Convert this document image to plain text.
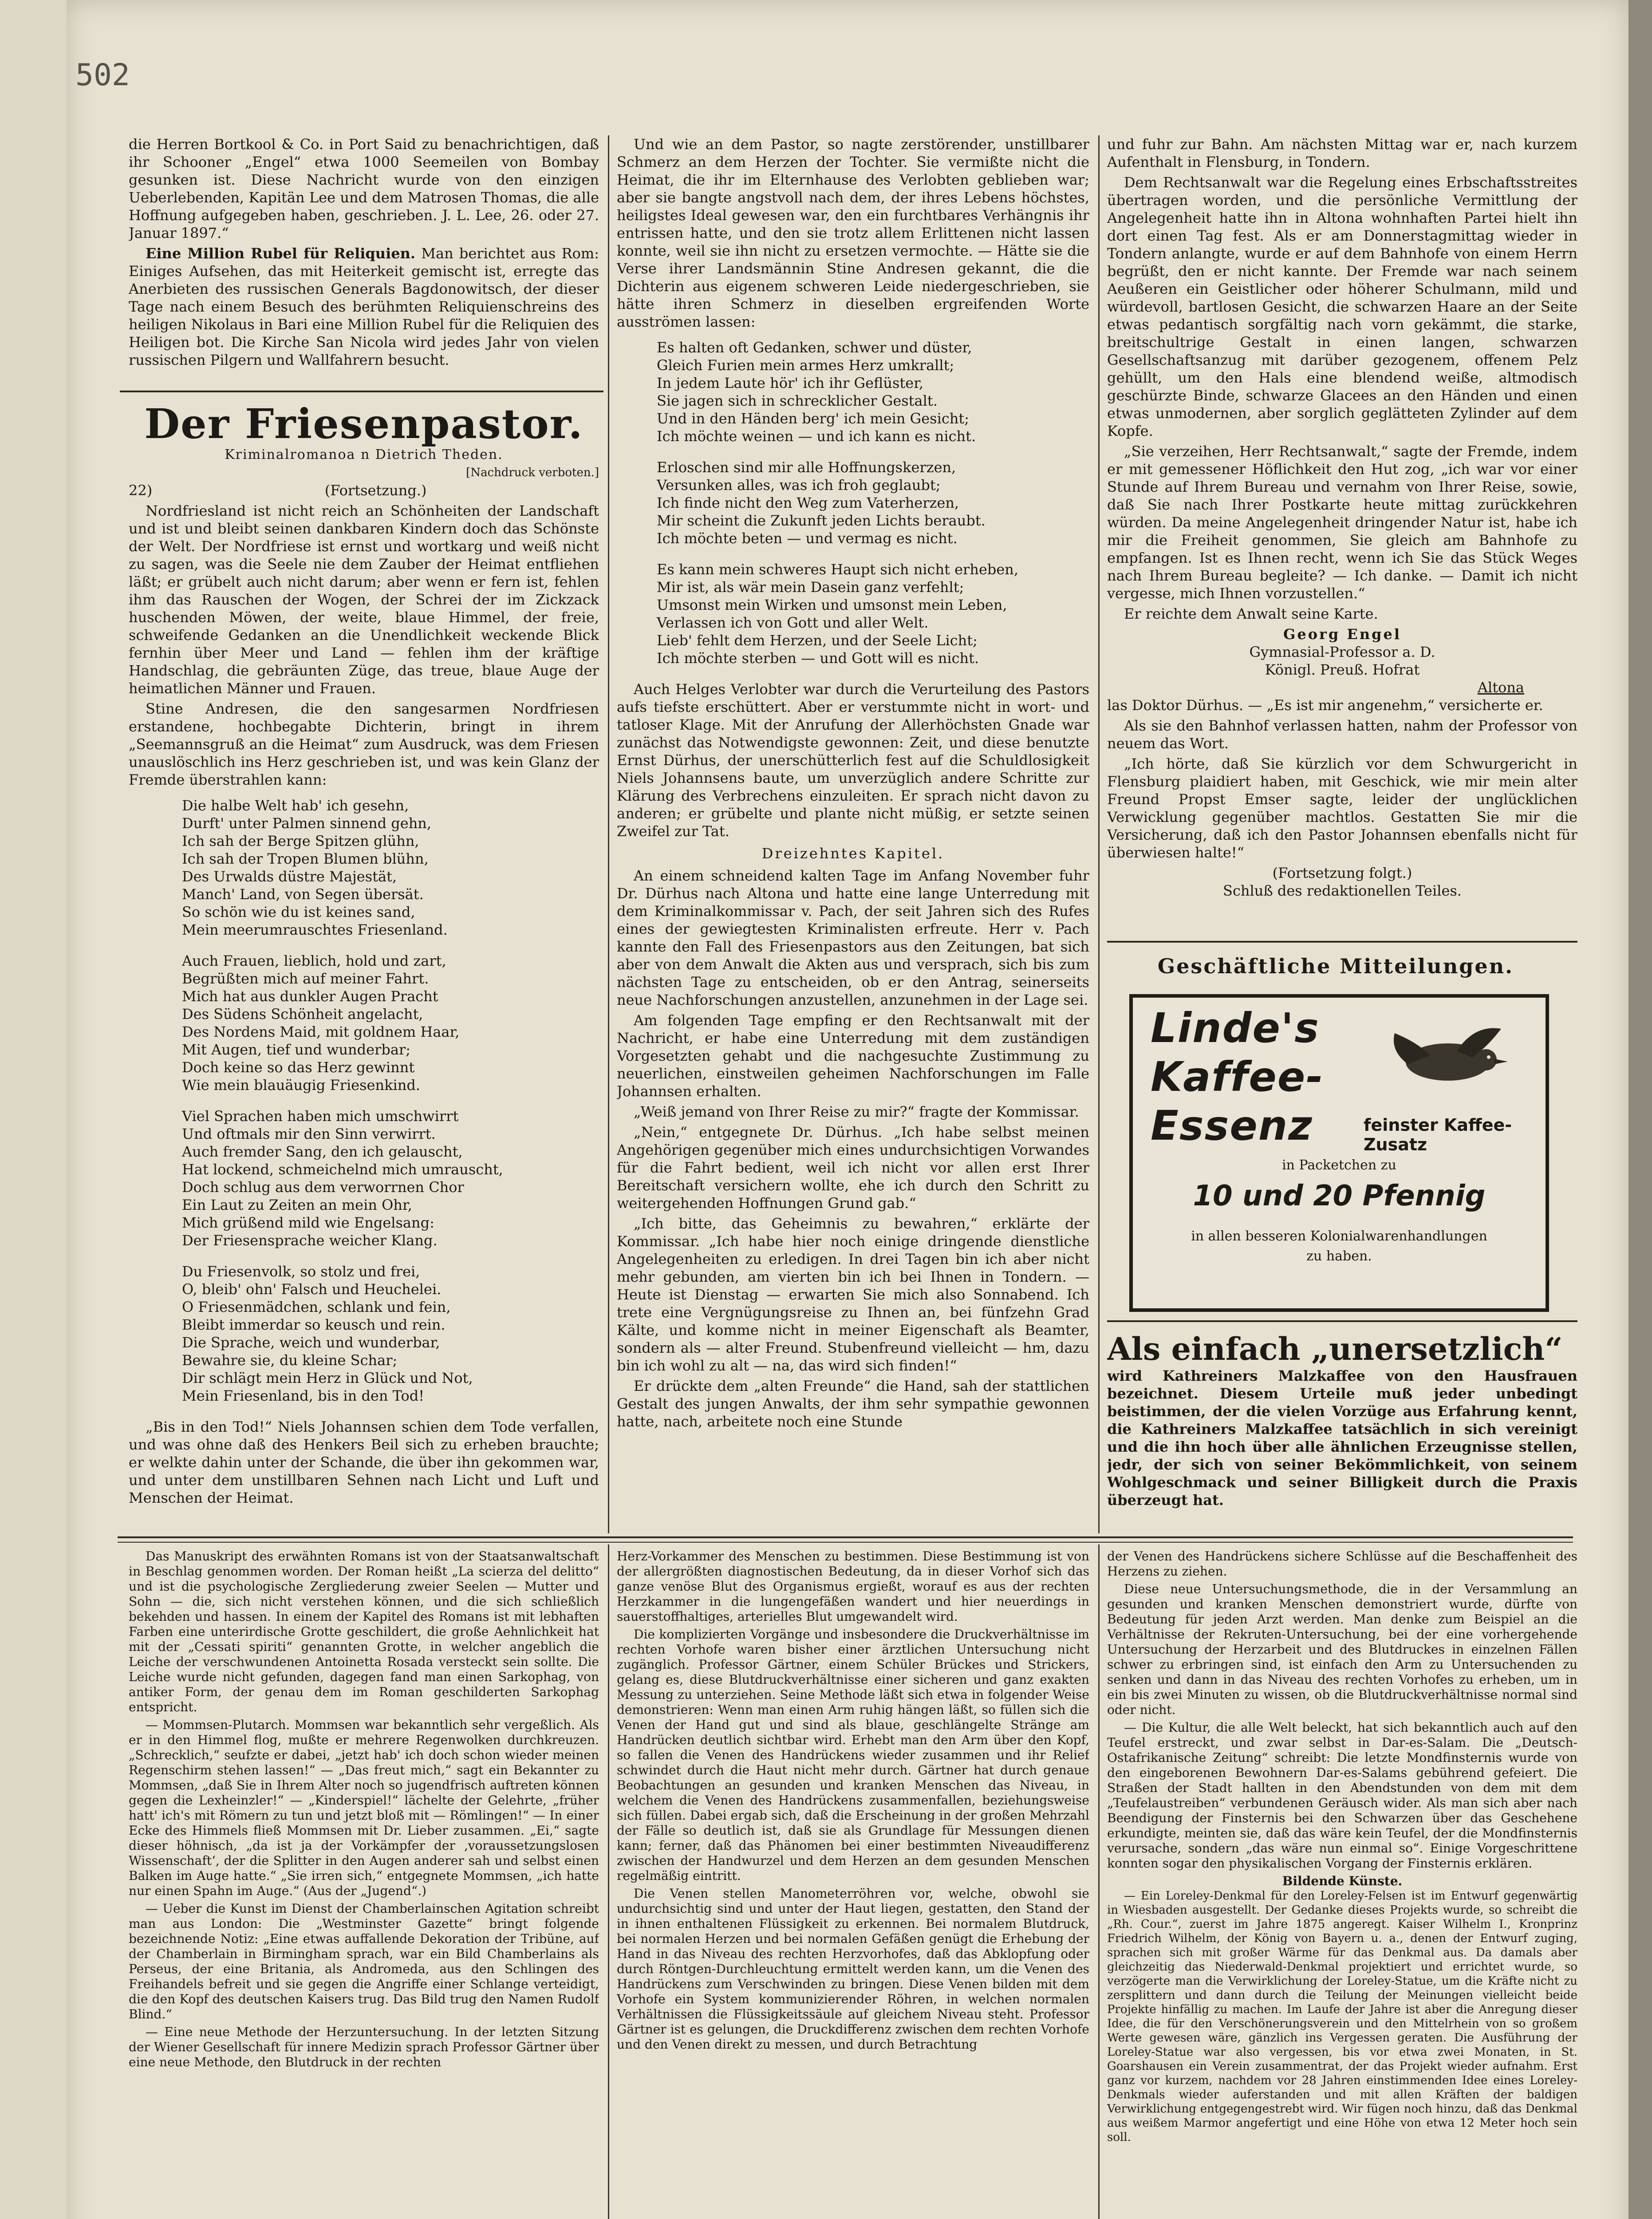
502

die Herren Bortkool & Co. in Port Said zu benachrichtigen, daß ihr Schooner „Engel“ etwa 1000 Seemeilen von Bombay gesunken ist. Diese Nachricht wurde von den einzigen Ueberlebenden, Kapitän Lee und dem Matrosen Thomas, die alle Hoffnung aufgegeben haben, geschrieben. J. L. Lee, 26. oder 27. Januar 1897.“

Eine Million Rubel für Reliquien. Man berichtet aus Rom: Einiges Aufsehen, das mit Heiterkeit gemischt ist, erregte das Anerbieten des russischen Generals Bagdonowitsch, der dieser Tage nach einem Besuch des berühmten Reliquienschreins des heiligen Nikolaus in Bari eine Million Rubel für die Reliquien des Heiligen bot. Die Kirche San Nicola wird jedes Jahr von vielen russischen Pilgern und Wallfahrern besucht.

Der Friesenpastor.
Kriminalromanoa n Dietrich Theden.
[Nachdruck verboten.]
22)	(Fortsetzung.)

Nordfriesland ist nicht reich an Schönheiten der Landschaft und ist und bleibt seinen dankbaren Kindern doch das Schönste der Welt. Der Nordfriese ist ernst und wortkarg und weiß nicht zu sagen, was die Seele nie dem Zauber der Heimat entfliehen läßt; er grübelt auch nicht darum; aber wenn er fern ist, fehlen ihm das Rauschen der Wogen, der Schrei der im Zickzack huschenden Möwen, der weite, blaue Himmel, der freie, schweifende Gedanken an die Unendlichkeit weckende Blick fernhin über Meer und Land — fehlen ihm der kräftige Handschlag, die gebräunten Züge, das treue, blaue Auge der heimatlichen Männer und Frauen.

Stine Andresen, die den sangesarmen Nordfriesen erstandene, hochbegabte Dichterin, bringt in ihrem „Seemannsgruß an die Heimat“ zum Ausdruck, was dem Friesen unauslöschlich ins Herz geschrieben ist, und was kein Glanz der Fremde überstrahlen kann:

Die halbe Welt hab' ich gesehn,
Durft' unter Palmen sinnend gehn,
Ich sah der Berge Spitzen glühn,
Ich sah der Tropen Blumen blühn,
Des Urwalds düstre Majestät,
Manch' Land, von Segen übersät.
So schön wie du ist keines sand,
Mein meerumrauschtes Friesenland.
Auch Frauen, lieblich, hold und zart,
Begrüßten mich auf meiner Fahrt.
Mich hat aus dunkler Augen Pracht
Des Südens Schönheit angelacht,
Des Nordens Maid, mit goldnem Haar,
Mit Augen, tief und wunderbar;
Doch keine so das Herz gewinnt
Wie mein blauäugig Friesenkind.
Viel Sprachen haben mich umschwirrt
Und oftmals mir den Sinn verwirrt.
Auch fremder Sang, den ich gelauscht,
Hat lockend, schmeichelnd mich umrauscht,
Doch schlug aus dem verworrnen Chor
Ein Laut zu Zeiten an mein Ohr,
Mich grüßend mild wie Engelsang:
Der Friesensprache weicher Klang.
Du Friesenvolk, so stolz und frei,
O, bleib' ohn' Falsch und Heuchelei.
O Friesenmädchen, schlank und fein,
Bleibt immerdar so keusch und rein.
Die Sprache, weich und wunderbar,
Bewahre sie, du kleine Schar;
Dir schlägt mein Herz in Glück und Not,
Mein Friesenland, bis in den Tod!

„Bis in den Tod!“ Niels Johannsen schien dem Tode verfallen, und was ohne daß des Henkers Beil sich zu erheben brauchte; er welkte dahin unter der Schande, die über ihn gekommen war, und unter dem unstillbaren Sehnen nach Licht und Luft und Menschen der Heimat.

Und wie an dem Pastor, so nagte zerstörender, unstillbarer Schmerz an dem Herzen der Tochter. Sie vermißte nicht die Heimat, die ihr im Elternhause des Verlobten geblieben war; aber sie bangte angstvoll nach dem, der ihres Lebens höchstes, heiligstes Ideal gewesen war, den ein furchtbares Verhängnis ihr entrissen hatte, und den sie trotz allem Erlittenen nicht lassen konnte, weil sie ihn nicht zu ersetzen vermochte. — Hätte sie die Verse ihrer Landsmännin Stine Andresen gekannt, die die Dichterin aus eigenem schweren Leide niedergeschrieben, sie hätte ihren Schmerz in dieselben ergreifenden Worte ausströmen lassen:

Es halten oft Gedanken, schwer und düster,
Gleich Furien mein armes Herz umkrallt;
In jedem Laute hör' ich ihr Geflüster,
Sie jagen sich in schrecklicher Gestalt.
Und in den Händen berg' ich mein Gesicht;
Ich möchte weinen — und ich kann es nicht.
Erloschen sind mir alle Hoffnungskerzen,
Versunken alles, was ich froh geglaubt;
Ich finde nicht den Weg zum Vaterherzen,
Mir scheint die Zukunft jeden Lichts beraubt.
Ich möchte beten — und vermag es nicht.
Es kann mein schweres Haupt sich nicht erheben,
Mir ist, als wär mein Dasein ganz verfehlt;
Umsonst mein Wirken und umsonst mein Leben,
Verlassen ich von Gott und aller Welt.
Lieb' fehlt dem Herzen, und der Seele Licht;
Ich möchte sterben — und Gott will es nicht.

Auch Helges Verlobter war durch die Verurteilung des Pastors aufs tiefste erschüttert. Aber er verstummte nicht in wort- und tatloser Klage. Mit der Anrufung der Allerhöchsten Gnade war zunächst das Notwendigste gewonnen: Zeit, und diese benutzte Ernst Dürhus, der unerschütterlich fest auf die Schuldlosigkeit Niels Johannsens baute, um unverzüglich andere Schritte zur Klärung des Verbrechens einzuleiten. Er sprach nicht davon zu anderen; er grübelte und plante nicht müßig, er setzte seinen Zweifel zur Tat.

Dreizehntes Kapitel.

An einem schneidend kalten Tage im Anfang November fuhr Dr. Dürhus nach Altona und hatte eine lange Unterredung mit dem Kriminalkommissar v. Pach, der seit Jahren sich des Rufes eines der gewiegtesten Kriminalisten erfreute. Herr v. Pach kannte den Fall des Friesenpastors aus den Zeitungen, bat sich aber von dem Anwalt die Akten aus und versprach, sich bis zum nächsten Tage zu entscheiden, ob er den Antrag, seinerseits neue Nachforschungen anzustellen, anzunehmen in der Lage sei.

Am folgenden Tage empfing er den Rechtsanwalt mit der Nachricht, er habe eine Unterredung mit dem zuständigen Vorgesetzten gehabt und die nachgesuchte Zustimmung zu neuerlichen, einstweilen geheimen Nachforschungen im Falle Johannsen erhalten.

„Weiß jemand von Ihrer Reise zu mir?“ fragte der Kommissar.

„Nein,“ entgegnete Dr. Dürhus. „Ich habe selbst meinen Angehörigen gegenüber mich eines undurchsichtigen Vorwandes für die Fahrt bedient, weil ich nicht vor allen erst Ihrer Bereitschaft versichern wollte, ehe ich durch den Schritt zu weitergehenden Hoffnungen Grund gab.“

„Ich bitte, das Geheimnis zu bewahren,“ erklärte der Kommissar. „Ich habe hier noch einige dringende dienstliche Angelegenheiten zu erledigen. In drei Tagen bin ich aber nicht mehr gebunden, am vierten bin ich bei Ihnen in Tondern. — Heute ist Dienstag — erwarten Sie mich also Sonnabend. Ich trete eine Vergnügungsreise zu Ihnen an, bei fünfzehn Grad Kälte, und komme nicht in meiner Eigenschaft als Beamter, sondern als — alter Freund. Stubenfreund vielleicht — hm, dazu bin ich wohl zu alt — na, das wird sich finden!“

Er drückte dem „alten Freunde“ die Hand, sah der stattlichen Gestalt des jungen Anwalts, der ihm sehr sympathie gewonnen hatte, nach, arbeitete noch eine Stunde

und fuhr zur Bahn. Am nächsten Mittag war er, nach kurzem Aufenthalt in Flensburg, in Tondern.

Dem Rechtsanwalt war die Regelung eines Erbschaftsstreites übertragen worden, und die persönliche Vermittlung der Angelegenheit hatte ihn in Altona wohnhaften Partei hielt ihn dort einen Tag fest. Als er am Donnerstagmittag wieder in Tondern anlangte, wurde er auf dem Bahnhofe von einem Herrn begrüßt, den er nicht kannte. Der Fremde war nach seinem Aeußeren ein Geistlicher oder höherer Schulmann, mild und würdevoll, bartlosen Gesicht, die schwarzen Haare an der Seite etwas pedantisch sorgfältig nach vorn gekämmt, die starke, breitschultrige Gestalt in einen langen, schwarzen Gesellschaftsanzug mit darüber gezogenem, offenem Pelz gehüllt, um den Hals eine blendend weiße, altmodisch geschürzte Binde, schwarze Glacees an den Händen und einen etwas unmodernen, aber sorglich geglätteten Zylinder auf dem Kopfe.

„Sie verzeihen, Herr Rechtsanwalt,“ sagte der Fremde, indem er mit gemessener Höflichkeit den Hut zog, „ich war vor einer Stunde auf Ihrem Bureau und vernahm von Ihrer Reise, sowie, daß Sie nach Ihrer Postkarte heute mittag zurückkehren würden. Da meine Angelegenheit dringender Natur ist, habe ich mir die Freiheit genommen, Sie gleich am Bahnhofe zu empfangen. Ist es Ihnen recht, wenn ich Sie das Stück Weges nach Ihrem Bureau begleite? — Ich danke. — Damit ich nicht vergesse, mich Ihnen vorzustellen.“

Er reichte dem Anwalt seine Karte.

Georg Engel
Gymnasial-Professor a. D.
Königl. Preuß. Hofrat
Altona

las Doktor Dürhus. — „Es ist mir angenehm,“ versicherte er.

Als sie den Bahnhof verlassen hatten, nahm der Professor von neuem das Wort.

„Ich hörte, daß Sie kürzlich vor dem Schwurgericht in Flensburg plaidiert haben, mit Geschick, wie mir mein alter Freund Propst Emser sagte, leider der unglücklichen Verwicklung gegenüber machtlos. Gestatten Sie mir die Versicherung, daß ich den Pastor Johannsen ebenfalls nicht für überwiesen halte!“

(Fortsetzung folgt.)
Schluß des redaktionellen Teiles.
Geschäftliche Mitteilungen.
Linde's
Kaffee-
Essenz	feinster Kaffee-Zusatz
in Packetchen zu
10 und 20 Pfennig
in allen besseren Kolonialwarenhandlungen
zu haben.
Als einfach „unersetzlich“

wird Kathreiners Malzkaffee von den Hausfrauen bezeichnet. Diesem Urteile muß jeder unbedingt beistimmen, der die vielen Vorzüge aus Erfahrung kennt, die Kathreiners Malzkaffee tatsächlich in sich vereinigt und die ihn hoch über alle ähnlichen Erzeugnisse stellen, jedr, der sich von seiner Bekömmlichkeit, von seinem Wohlgeschmack und seiner Billigkeit durch die Praxis überzeugt hat.

Das Manuskript des erwähnten Romans ist von der Staatsanwaltschaft in Beschlag genommen worden. Der Roman heißt „La scierza del delitto“ und ist die psychologische Zergliederung zweier Seelen — Mutter und Sohn — die, sich nicht verstehen können, und die sich schließlich bekehden und hassen. In einem der Kapitel des Romans ist mit lebhaften Farben eine unterirdische Grotte geschildert, die große Aehnlichkeit hat mit der „Cessati spiriti“ genannten Grotte, in welcher angeblich die Leiche der verschwundenen Antoinetta Rosada versteckt sein sollte. Die Leiche wurde nicht gefunden, dagegen fand man einen Sarkophag, von antiker Form, der genau dem im Roman geschilderten Sarkophag entspricht.

— Mommsen-Plutarch. Mommsen war bekanntlich sehr vergeßlich. Als er in den Himmel flog, mußte er mehrere Regenwolken durchkreuzen. „Schrecklich,“ seufzte er dabei, „jetzt hab' ich doch schon wieder meinen Regenschirm stehen lassen!“ — „Das freut mich,“ sagt ein Bekannter zu Mommsen, „daß Sie in Ihrem Alter noch so jugendfrisch auftreten können gegen die Lexheinzler!“ — „Kinderspiel!“ lächelte der Gelehrte, „früher hatt' ich's mit Römern zu tun und jetzt bloß mit — Römlingen!“ — In einer Ecke des Himmels fließ Mommsen mit Dr. Lieber zusammen. „Ei,“ sagte dieser höhnisch, „da ist ja der Vorkämpfer der ‚voraussetzungslosen Wissenschaft‘, der die Splitter in den Augen anderer sah und selbst einen Balken im Auge hatte.“ „Sie irren sich,“ entgegnete Mommsen, „ich hatte nur einen Spahn im Auge.“ (Aus der „Jugend“.)

— Ueber die Kunst im Dienst der Chamberlainschen Agitation schreibt man aus London: Die „Westminster Gazette“ bringt folgende bezeichnende Notiz: „Eine etwas auffallende Dekoration der Tribüne, auf der Chamberlain in Birmingham sprach, war ein Bild Chamberlains als Perseus, der eine Britania, als Andromeda, aus den Schlingen des Freihandels befreit und sie gegen die Angriffe einer Schlange verteidigt, die den Kopf des deutschen Kaisers trug. Das Bild trug den Namen Rudolf Blind.“

— Eine neue Methode der Herzuntersuchung. In der letzten Sitzung der Wiener Gesellschaft für innere Medizin sprach Professor Gärtner über eine neue Methode, den Blutdruck in der rechten

Herz-Vorkammer des Menschen zu bestimmen. Diese Bestimmung ist von der allergrößten diagnostischen Bedeutung, da in dieser Vorhof sich das ganze venöse Blut des Organismus ergießt, worauf es aus der rechten Herzkammer in die lungengefäßen wandert und hier neuerdings in sauerstoffhaltiges, arterielles Blut umgewandelt wird.

Die komplizierten Vorgänge und insbesondere die Druckverhältnisse im rechten Vorhofe waren bisher einer ärztlichen Untersuchung nicht zugänglich. Professor Gärtner, einem Schüler Brückes und Strickers, gelang es, diese Blutdruckverhältnisse einer sicheren und ganz exakten Messung zu unterziehen. Seine Methode läßt sich etwa in folgender Weise demonstrieren: Wenn man einen Arm ruhig hängen läßt, so füllen sich die Venen der Hand gut und sind als blaue, geschlängelte Stränge am Handrücken deutlich sichtbar wird. Erhebt man den Arm über den Kopf, so fallen die Venen des Handrückens wieder zusammen und ihr Relief schwindet durch die Haut nicht mehr durch. Gärtner hat durch genaue Beobachtungen an gesunden und kranken Menschen das Niveau, in welchem die Venen des Handrückens zusammenfallen, beziehungsweise sich füllen. Dabei ergab sich, daß die Erscheinung in der großen Mehrzahl der Fälle so deutlich ist, daß sie als Grundlage für Messungen dienen kann; ferner, daß das Phänomen bei einer bestimmten Niveaudifferenz zwischen der Handwurzel und dem Herzen an dem gesunden Menschen regelmäßig eintritt.

Die Venen stellen Manometerröhren vor, welche, obwohl sie undurchsichtig sind und unter der Haut liegen, gestatten, den Stand der in ihnen enthaltenen Flüssigkeit zu erkennen. Bei normalem Blutdruck, bei normalen Herzen und bei normalen Gefäßen genügt die Erhebung der Hand in das Niveau des rechten Herzvorhofes, daß das Abklopfung oder durch Röntgen-Durchleuchtung ermittelt werden kann, um die Venen des Handrückens zum Verschwinden zu bringen. Diese Venen bilden mit dem Vorhofe ein System kommunizierender Röhren, in welchen normalen Verhältnissen die Flüssigkeitssäule auf gleichem Niveau steht. Professor Gärtner ist es gelungen, die Druckdifferenz zwischen dem rechten Vorhofe und den Venen direkt zu messen, und durch Betrachtung

der Venen des Handrückens sichere Schlüsse auf die Beschaffenheit des Herzens zu ziehen.

Diese neue Untersuchungsmethode, die in der Versammlung an gesunden und kranken Menschen demonstriert wurde, dürfte von Bedeutung für jeden Arzt werden. Man denke zum Beispiel an die Verhältnisse der Rekruten-Untersuchung, bei der eine vorhergehende Untersuchung der Herzarbeit und des Blutdruckes in einzelnen Fällen schwer zu erbringen sind, ist einfach den Arm zu Untersuchenden zu senken und dann in das Niveau des rechten Vorhofes zu erheben, um in ein bis zwei Minuten zu wissen, ob die Blutdruckverhältnisse normal sind oder nicht.

— Die Kultur, die alle Welt beleckt, hat sich bekanntlich auch auf den Teufel erstreckt, und zwar selbst in Dar-es-Salam. Die „Deutsch-Ostafrikanische Zeitung“ schreibt: Die letzte Mondfinsternis wurde von den eingeborenen Bewohnern Dar-es-Salams gebührend gefeiert. Die Straßen der Stadt hallten in den Abendstunden von dem mit dem „Teufelaustreiben“ verbundenen Geräusch wider. Als man sich aber nach Beendigung der Finsternis bei den Schwarzen über das Geschehene erkundigte, meinten sie, daß das wäre kein Teufel, der die Mondfinsternis verursache, sondern „das wäre nun einmal so“. Einige Vorgeschrittene konnten sogar den physikalischen Vorgang der Finsternis erklären.

Bildende Künste.

— Ein Loreley-Denkmal für den Loreley-Felsen ist im Entwurf gegenwärtig in Wiesbaden ausgestellt. Der Gedanke dieses Projekts wurde, so schreibt die „Rh. Cour.“, zuerst im Jahre 1875 angeregt. Kaiser Wilhelm I., Kronprinz Friedrich Wilhelm, der König von Bayern u. a., denen der Entwurf zuging, sprachen sich mit großer Wärme für das Denkmal aus. Da damals aber gleichzeitig das Niederwald-Denkmal projektiert und errichtet wurde, so verzögerte man die Verwirklichung der Loreley-Statue, um die Kräfte nicht zu zersplittern und dann durch die Teilung der Meinungen vielleicht beide Projekte hinfällig zu machen. Im Laufe der Jahre ist aber die Anregung dieser Idee, die für den Verschönerungsverein und den Mittelrhein von so großem Werte gewesen wäre, gänzlich ins Vergessen geraten. Die Ausführung der Loreley-Statue war also vergessen, bis vor etwa zwei Monaten, in St. Goarshausen ein Verein zusammentrat, der das Projekt wieder aufnahm. Erst ganz vor kurzem, nachdem vor 28 Jahren einstimmenden Idee eines Loreley-Denkmals wieder auferstanden und mit allen Kräften der baldigen Verwirklichung entgegengestrebt wird. Wir fügen noch hinzu, daß das Denkmal aus weißem Marmor angefertigt und eine Höhe von etwa 12 Meter hoch sein soll.
